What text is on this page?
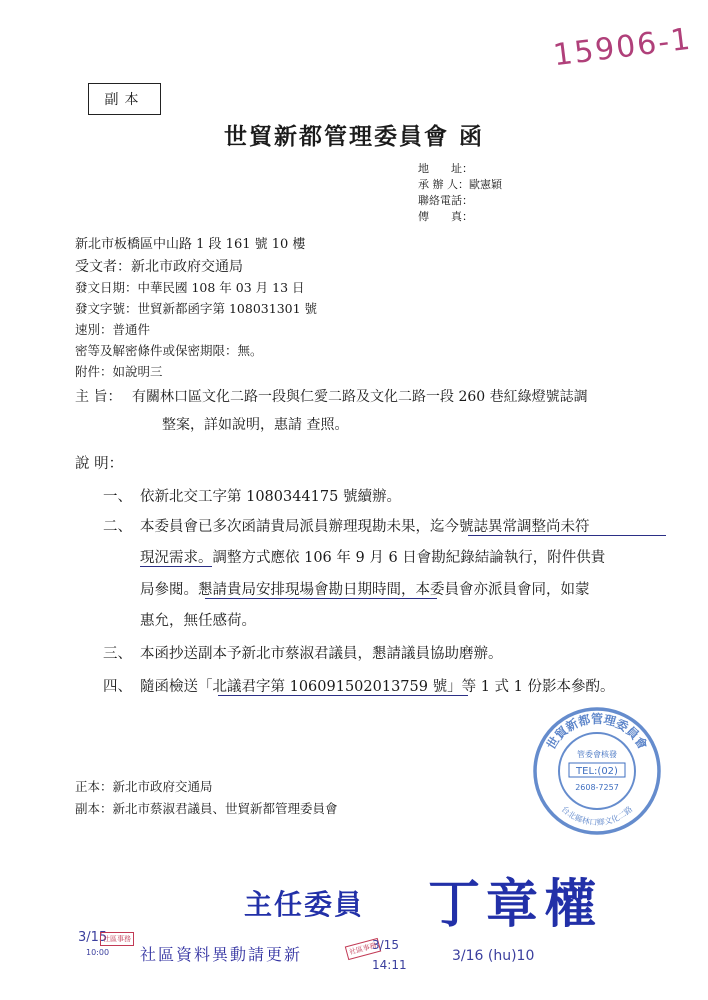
15906-1
副本
世貿新都管理委員會 函
地　　址：
承 辦 人：歐憲穎
聯絡電話：
傳　　真：
新北市板橋區中山路 1 段 161 號 10 樓
受文者：新北市政府交通局
發文日期：中華民國 108 年 03 月 13 日
發文字號：世貿新都函字第 108031301 號
速別：普通件
密等及解密條件或保密期限：無。
附件：如說明三
主 旨： 有關林口區文化二路一段與仁愛二路及文化二路一段 260 巷紅綠燈號誌調
整案，詳如說明，惠請 查照。
說 明：
一、 依新北交工字第 1080344175 號續辦。
二、 本委員會已多次函請貴局派員辦理現勘未果，迄今號誌異常調整尚未符
現況需求。調整方式應依 106 年 9 月 6 日會勘紀錄結論執行，附件供貴
局參閱。懇請貴局安排現場會勘日期時間，本委員會亦派員會同，如蒙
惠允，無任感荷。
三、 本函抄送副本予新北市蔡淑君議員，懇請議員協助磨辦。
四、 隨函檢送「北議君字第 106091502013759 號」等 1 式 1 份影本參酌。
正本：新北市政府交通局
副本：新北市蔡淑君議員、世貿新都管理委員會
世貿新都管理委員會
台北縣林口鄉文化二路
管委會核發
TEL:(02)
2608-7257
主任委員 丁章權
3/15
10:00
社區事務
社區資料異動請更新	社區事務
3/15
14:11
3/16 (hu)10
